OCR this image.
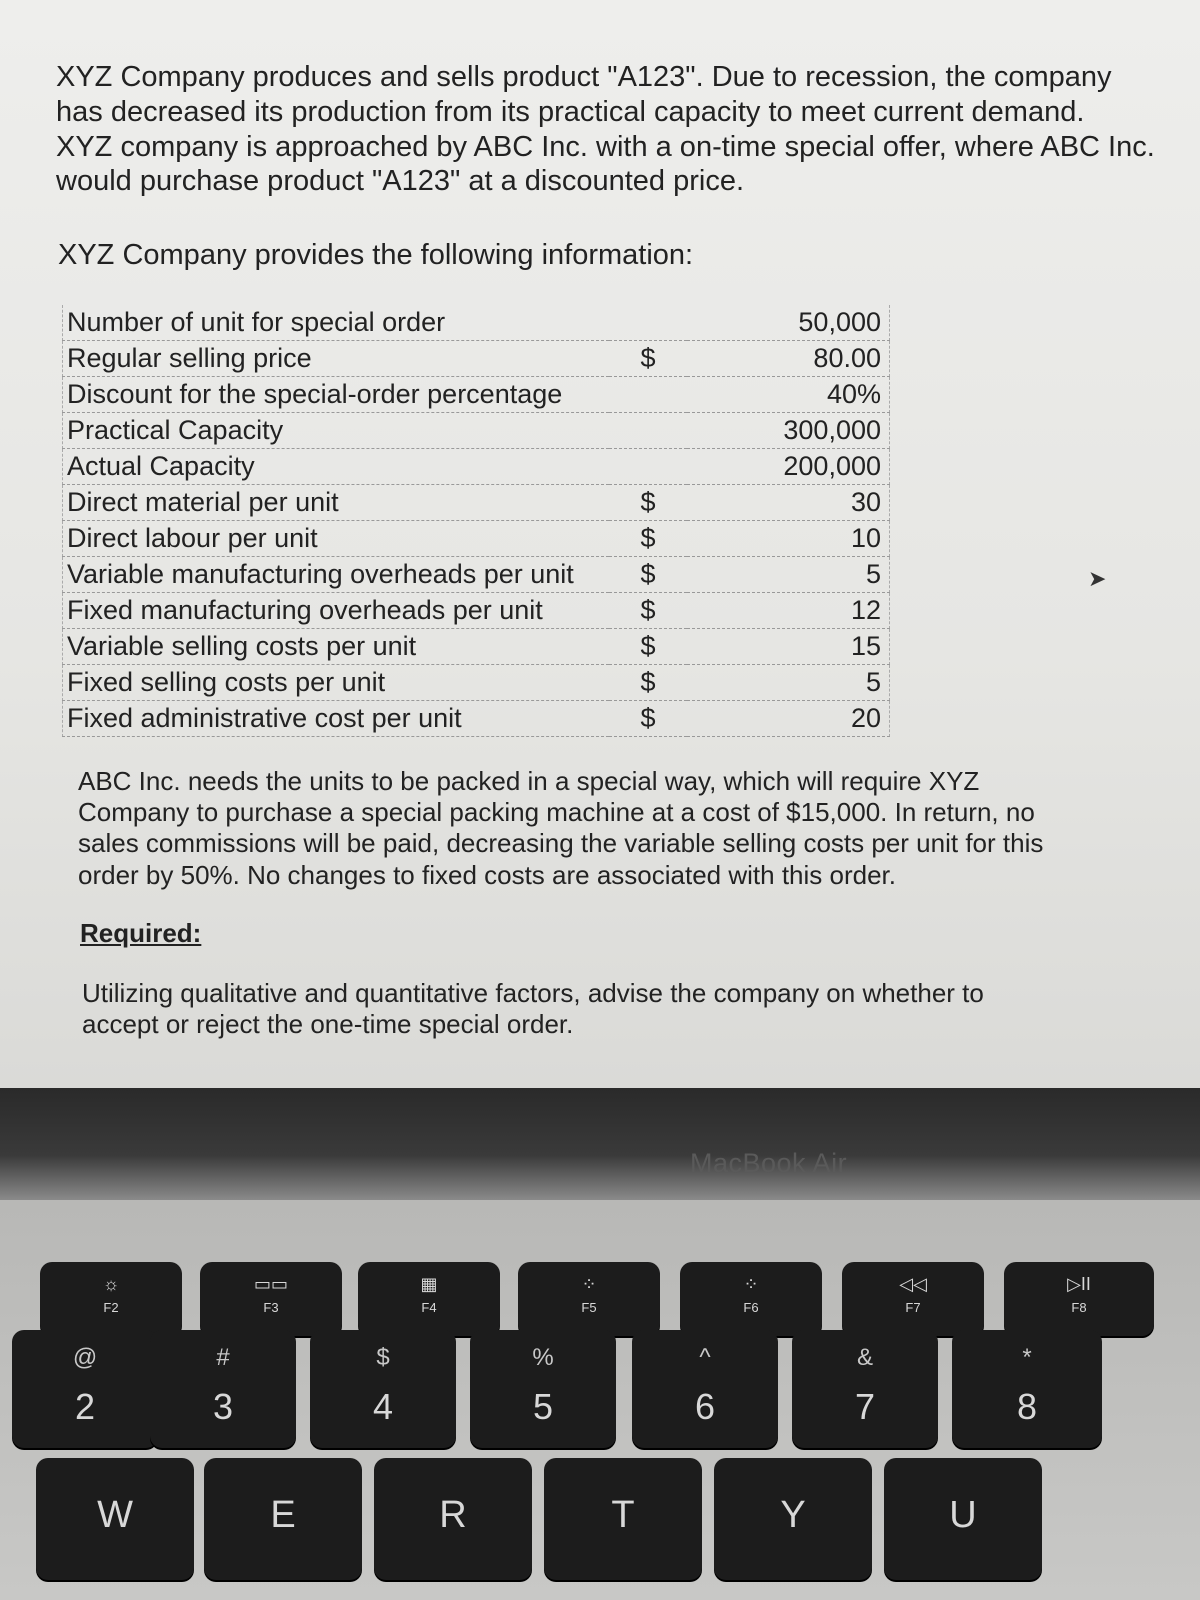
XYZ Company produces and sells product "A123". Due to recession, the company
has decreased its production from its practical capacity to meet current demand.
XYZ company is approached by ABC Inc. with a on-time special offer, where ABC Inc.
would purchase product "A123" at a discounted price.
XYZ Company provides the following information:
Number of unit for special order		50,000
Regular selling price	$	80.00
Discount for the special-order percentage		40%
Practical Capacity		300,000
Actual Capacity		200,000
Direct material per unit	$	30
Direct labour per unit	$	10
Variable manufacturing overheads per unit	$	5
Fixed manufacturing overheads per unit	$	12
Variable selling costs per unit	$	15
Fixed selling costs per unit	$	5
Fixed administrative cost per unit	$	20
ABC Inc. needs the units to be packed in a special way, which will require XYZ
Company to purchase a special packing machine at a cost of $15,000. In return, no
sales commissions will be paid, decreasing the variable selling costs per unit for this
order by 50%. No changes to fixed costs are associated with this order.
Required:
Utilizing qualitative and quantitative factors, advise the company on whether to
accept or reject the one-time special order.
➤
MacBook Air
☼
F2
▭▭
F3
▦
F4
⁘
F5
⁘
F6
◁◁
F7
▷II
F8
@
2
#
3
$
4
%
5
^
6
&
7
*
8
W	E	R	T	Y	U
